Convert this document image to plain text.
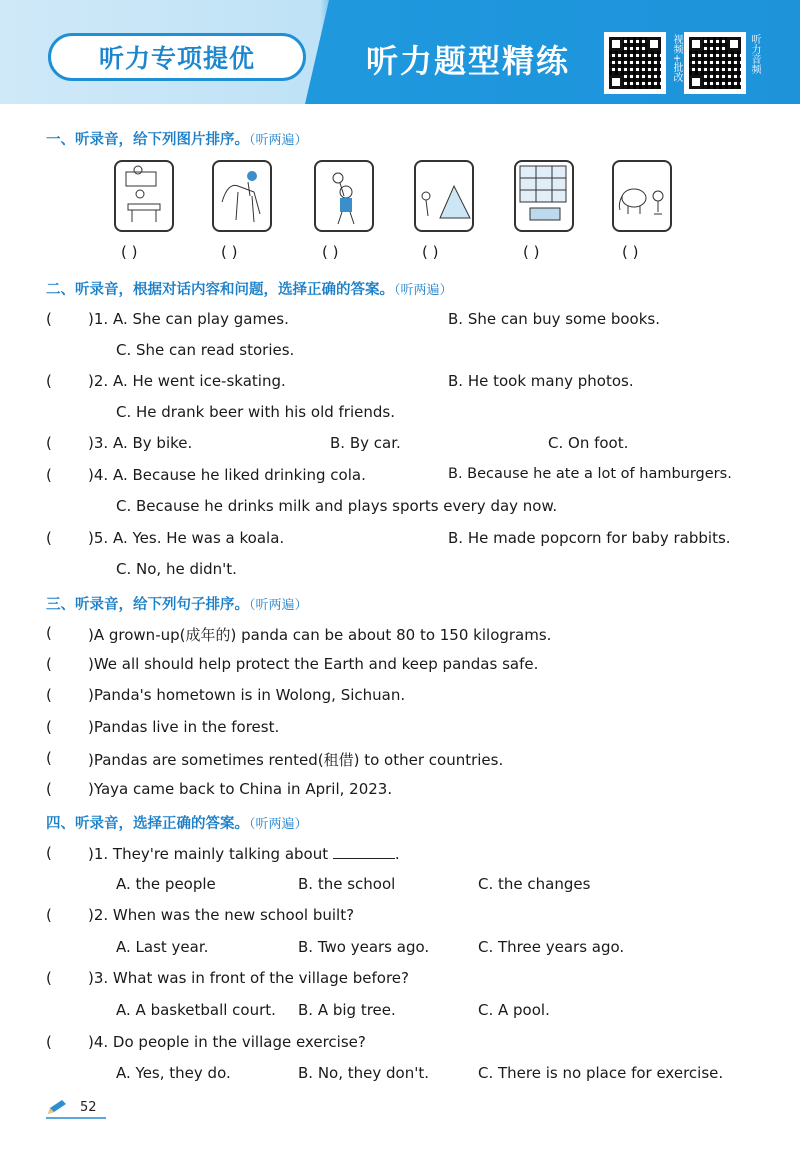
听力专项提优	听力题型精练	视频+批改	听力音频
一、听录音，给下列图片排序。（听两遍）
( )	( )	( )	( )	( )	( )
二、听录音，根据对话内容和问题，选择正确的答案。（听两遍）
( )1. A. She can play games.	B. She can buy some books.
C. She can read stories.
( )2. A. He went ice-skating.	B. He took many photos.
C. He drank beer with his old friends.
( )3. A. By bike.	B. By car.	C. On foot.
( )4. A. Because he liked drinking cola.	B. Because he ate a lot of hamburgers.
C. Because he drinks milk and plays sports every day now.
( )5. A. Yes. He was a koala.	B. He made popcorn for baby rabbits.
C. No, he didn't.
三、听录音，给下列句子排序。（听两遍）
( )A grown-up(成年的) panda can be about 80 to 150 kilograms.
( )We all should help protect the Earth and keep pandas safe.
( )Panda's hometown is in Wolong, Sichuan.
( )Pandas live in the forest.
( )Pandas are sometimes rented(租借) to other countries.
( )Yaya came back to China in April, 2023.
四、听录音，选择正确的答案。（听两遍）
( )1. They're mainly talking about	.
A. the people	B. the school	C. the changes
( )2. When was the new school built?
A. Last year.	B. Two years ago.	C. Three years ago.
( )3. What was in front of the village before?
A. A basketball court. B. A big tree.	C. A pool.
( )4. Do people in the village exercise?
A. Yes, they do.	B. No, they don't.	C. There is no place for exercise.
52
